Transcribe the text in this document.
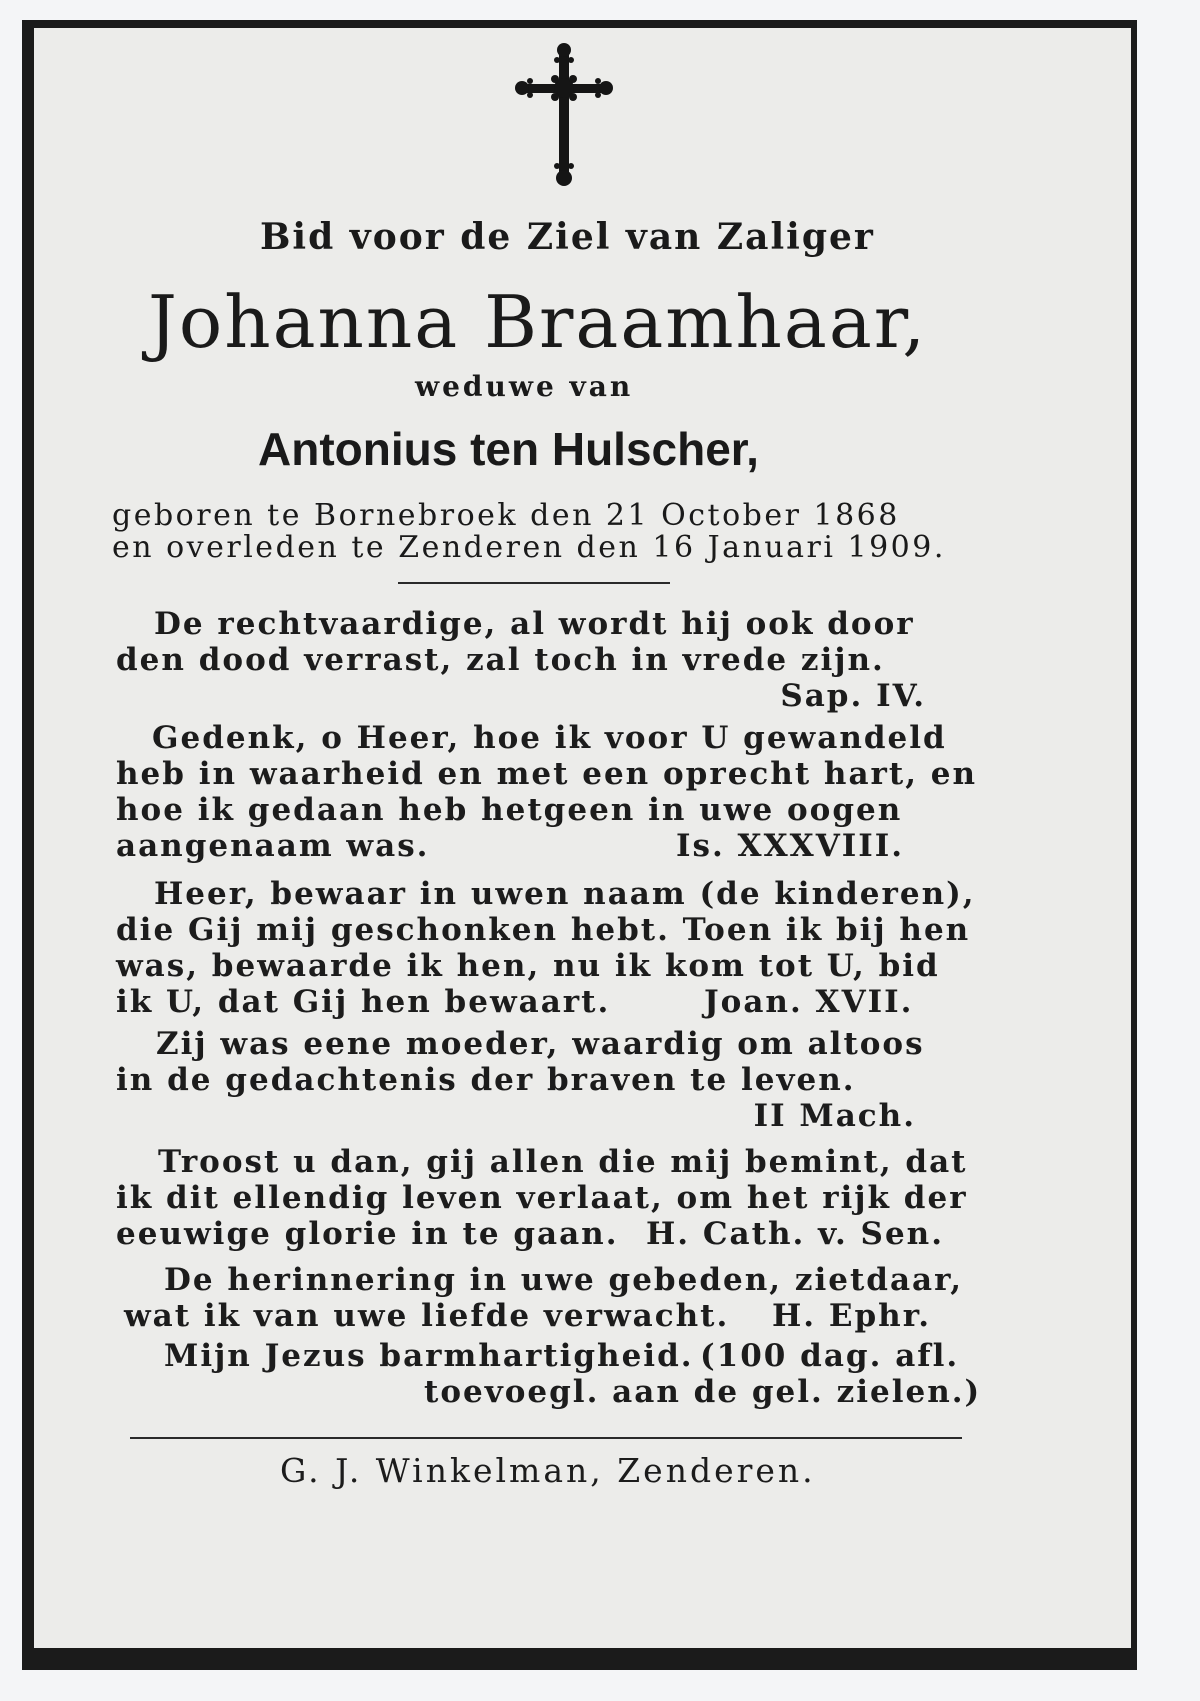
Bid voor de Ziel van Zaliger
Johanna Braamhaar,
weduwe van
Antonius ten Hulscher,
geboren te Bornebroek den 21 October 1868
en overleden te Zenderen den 16 Januari 1909.
De rechtvaardige, al wordt hij ook door
den dood verrast, zal toch in vrede zijn.
Sap. IV.
Gedenk, o Heer, hoe ik voor U gewandeld
heb in waarheid en met een oprecht hart, en
hoe ik gedaan heb hetgeen in uwe oogen
aangenaam was.	Is. XXXVIII.
Heer, bewaar in uwen naam (de kinderen),
die Gij mij geschonken hebt. Toen ik bij hen
was, bewaarde ik hen, nu ik kom tot U, bid
ik U, dat Gij hen bewaart.	Joan. XVII.
Zij was eene moeder, waardig om altoos
in de gedachtenis der braven te leven.
II Mach.
Troost u dan, gij allen die mij bemint, dat
ik dit ellendig leven verlaat, om het rijk der
eeuwige glorie in te gaan. H. Cath. v. Sen.
De herinnering in uwe gebeden, zietdaar,
wat ik van uwe liefde verwacht. H. Ephr.
Mijn Jezus barmhartigheid. (100 dag. afl.
toevoegl. aan de gel. zielen.)
G. J. Winkelman, Zenderen.
